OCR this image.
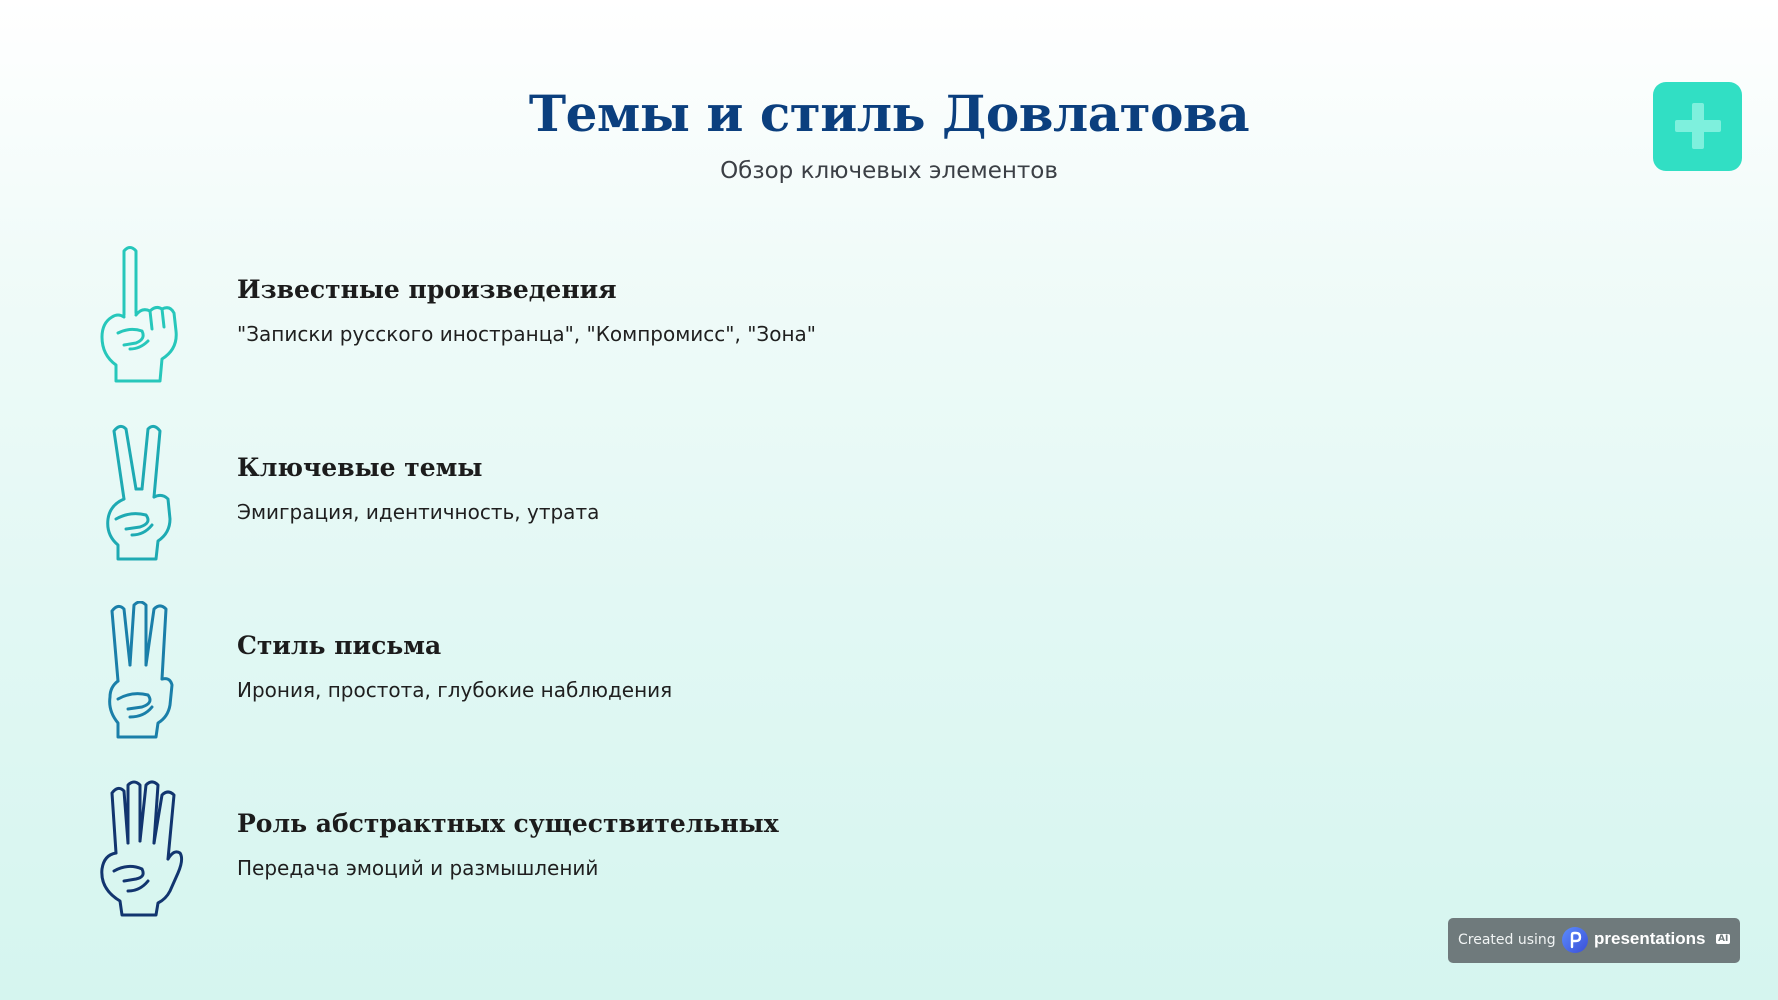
Темы и стиль Довлатова
Обзор ключевых элементов
Известные произведения
"Записки русского иностранца", "Компромисс", "Зона"
Ключевые темы
Эмиграция, идентичность, утрата
Стиль письма
Ирония, простота, глубокие наблюдения
Роль абстрактных существительных
Передача эмоций и размышлений
Created using presentations AI
